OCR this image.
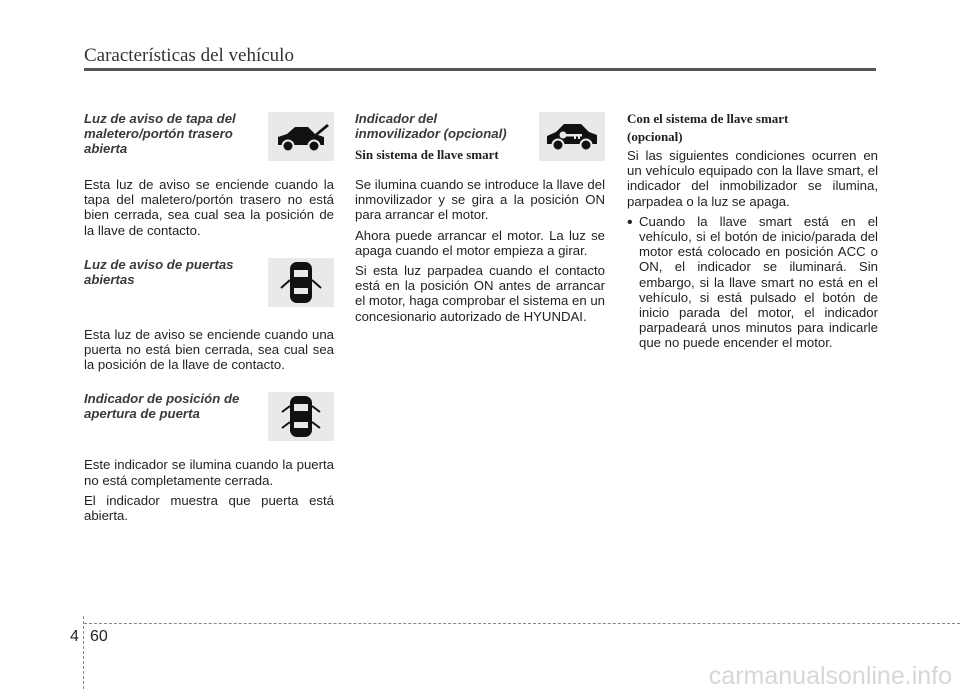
Características del vehículo
Luz de aviso de tapa del maletero/portón trasero abierta

Esta luz de aviso se enciende cuando la tapa del maletero/portón trasero no está bien cerrada, sea cual sea la posición de la llave de contacto.

Luz de aviso de puertas abiertas

Esta luz de aviso se enciende cuando una puerta no está bien cerrada, sea cual sea la posición de la llave de contacto.

Indicador de posición de apertura de puerta

Este indicador se ilumina cuando la puerta no está completamente cerrada.

El indicador muestra que puerta está abierta.

Indicador del inmovilizador (opcional)
Sin sistema de llave smart

Se ilumina cuando se introduce la llave del inmovilizador y se gira a la posición ON para arrancar el motor.

Ahora puede arrancar el motor. La luz se apaga cuando el motor empieza a girar.

Si esta luz parpadea cuando el contacto está en la posición ON antes de arrancar el motor, haga comprobar el sistema en un concesionario autorizado de HYUNDAI.

Con el sistema de llave smart
(opcional)

Si las siguientes condiciones ocurren en un vehículo equipado con la llave smart, el indicador del inmobilizador se ilumina, parpadea o la luz se apaga.

• Cuando la llave smart está en el vehículo, si el botón de inicio/parada del motor está colocado en posición ACC o ON, el indicador se iluminará. Sin embargo, si la llave smart no está en el vehículo, si está pulsado el botón de inicio parada del motor, el indicador parpadeará unos minutos para indicarle que no puede encender el motor.

4 60
carmanualsonline.info
